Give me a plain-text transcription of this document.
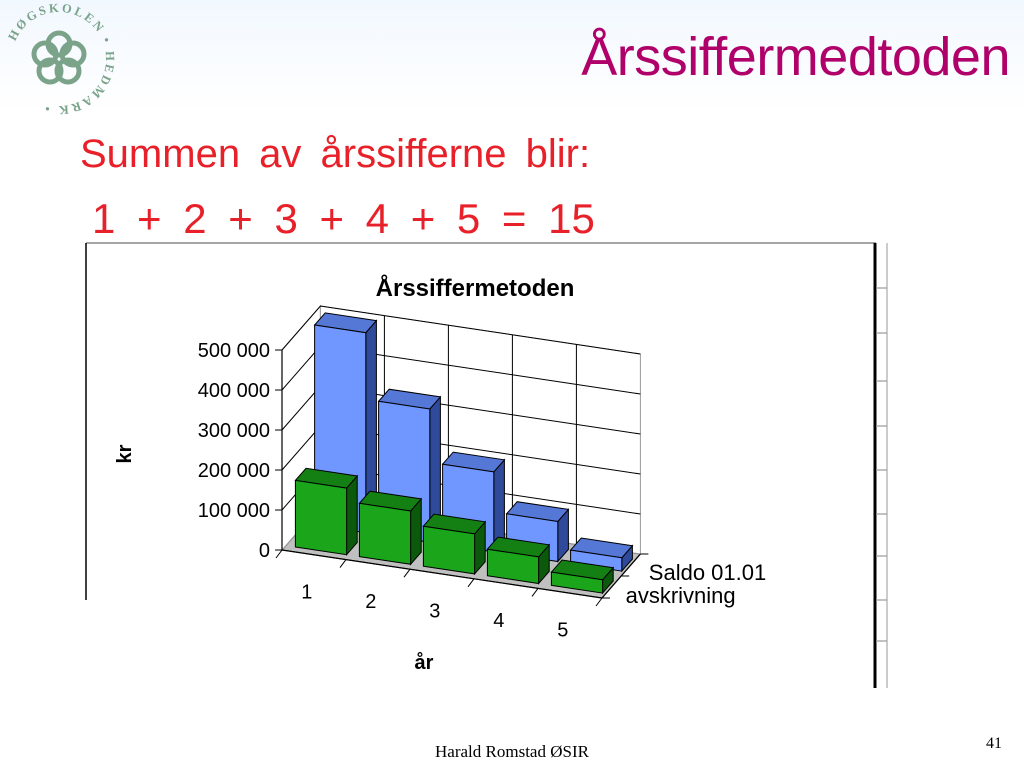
HØGSKOLEN • HEDMARK •
Årssiffermedtoden
Summen av årssifferne blir:
1 + 2 + 3 + 4 + 5 = 15
0
100 000
200 000
300 000
400 000
500 000
1	2	3	4	5
Saldo 01.01
avskrivning
Årssiffermetoden
kr
år
Harald Romstad ØSIR	41
